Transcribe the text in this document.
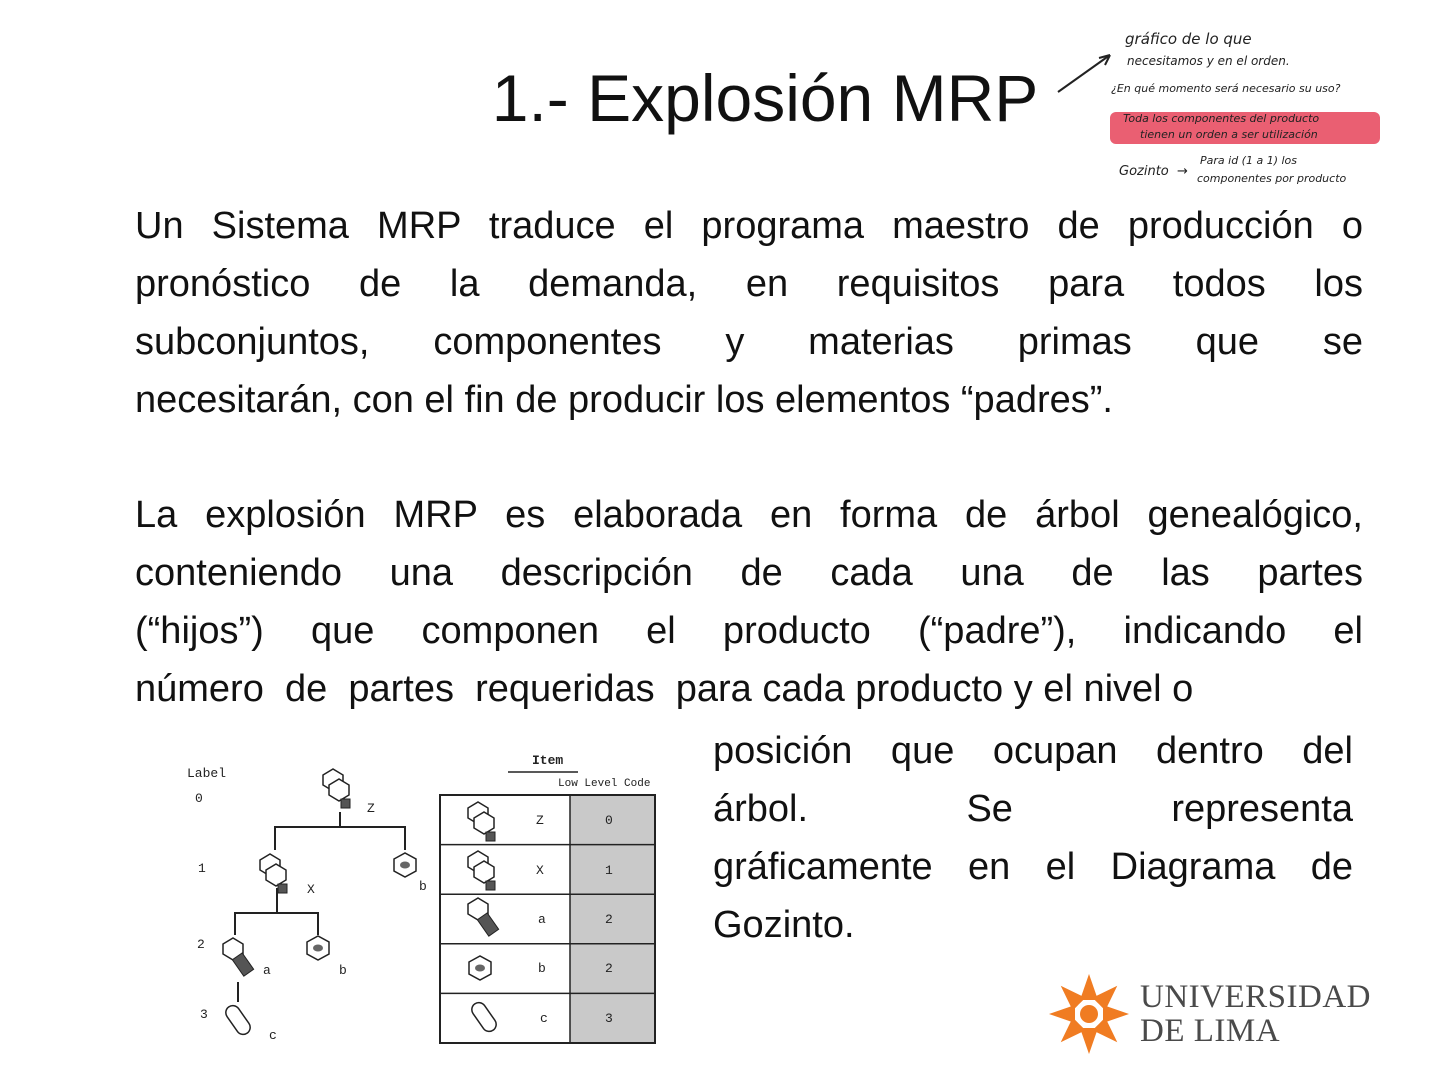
1.- Explosión MRP
gráfico de lo que
necesitamos y en el orden.
¿En qué momento será necesario su uso?
Toda los componentes del producto
tienen un orden a ser utilización
Gozinto →
Para id (1 a 1) los
componentes por producto
Un Sistema MRP traduce el programa maestro de producción o
pronóstico de la demanda, en requisitos para todos los
subconjuntos, componentes y materias primas que se
necesitarán, con el fin de producir los elementos “padres”.
La explosión MRP es elaborada en forma de árbol genealógico,
conteniendo una descripción de cada una de las partes
(“hijos”) que componen el producto (“padre”), indicando el
número  de  partes  requeridas  para cada producto y el nivel o
posición que ocupan dentro del
árbol. Se representa
gráficamente en el Diagrama de
Gozinto.
Label
0
1
2
3
Z
X	b
a	b
c
Item
Low Level Code
Z	0
X	1
a	2
b	2
c	3
UNIVERSIDAD
DE LIMA
